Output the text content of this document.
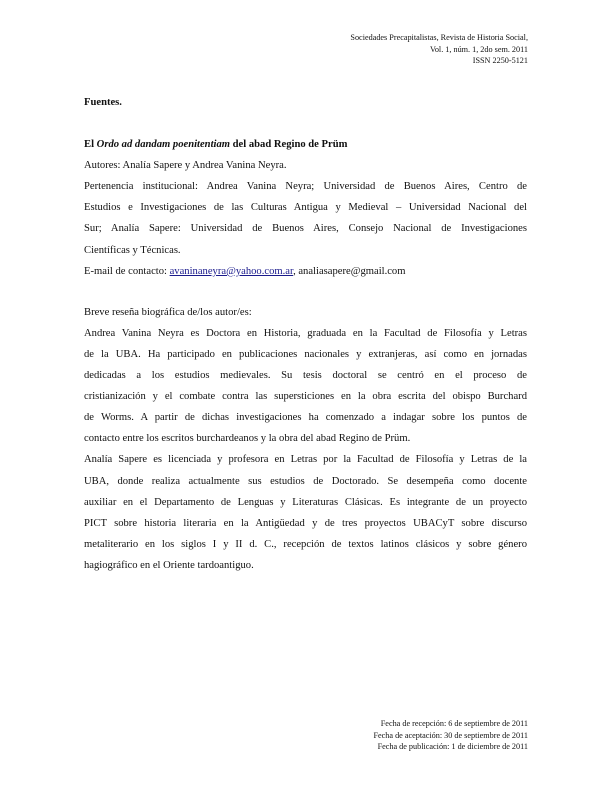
Sociedades Precapitalistas, Revista de Historia Social,
Vol. 1, núm. 1, 2do sem. 2011
ISSN 2250-5121
Fuentes.
El Ordo ad dandam poenitentiam del abad Regino de Prüm
Autores: Analía Sapere y Andrea Vanina Neyra.
Pertenencia institucional: Andrea Vanina Neyra; Universidad de Buenos Aires, Centro de
Estudios e Investigaciones de las Culturas Antigua y Medieval – Universidad Nacional del
Sur; Analía Sapere: Universidad de Buenos Aires, Consejo Nacional de Investigaciones
Científicas y Técnicas.
E-mail de contacto: avaninaneyra@yahoo.com.ar, analiasapere@gmail.com
Breve reseña biográfica de/los autor/es:
Andrea Vanina Neyra es Doctora en Historia, graduada en la Facultad de Filosofía y Letras
de la UBA. Ha participado en publicaciones nacionales y extranjeras, así como en jornadas
dedicadas a los estudios medievales. Su tesis doctoral se centró en el proceso de
cristianización y el combate contra las supersticiones en la obra escrita del obispo Burchard
de Worms. A partir de dichas investigaciones ha comenzado a indagar sobre los puntos de
contacto entre los escritos burchardeanos y la obra del abad Regino de Prüm.
Analía Sapere es licenciada y profesora en Letras por la Facultad de Filosofía y Letras de la
UBA, donde realiza actualmente sus estudios de Doctorado. Se desempeña como docente
auxiliar en el Departamento de Lenguas y Literaturas Clásicas. Es integrante de un proyecto
PICT sobre historia literaria en la Antigüedad y de tres proyectos UBACyT sobre discurso
metaliterario en los siglos I y II d. C., recepción de textos latinos clásicos y sobre género
hagiográfico en el Oriente tardoantiguo.
Fecha de recepción: 6 de septiembre de 2011
Fecha de aceptación: 30 de septiembre de 2011
Fecha de publicación: 1 de diciembre de 2011
